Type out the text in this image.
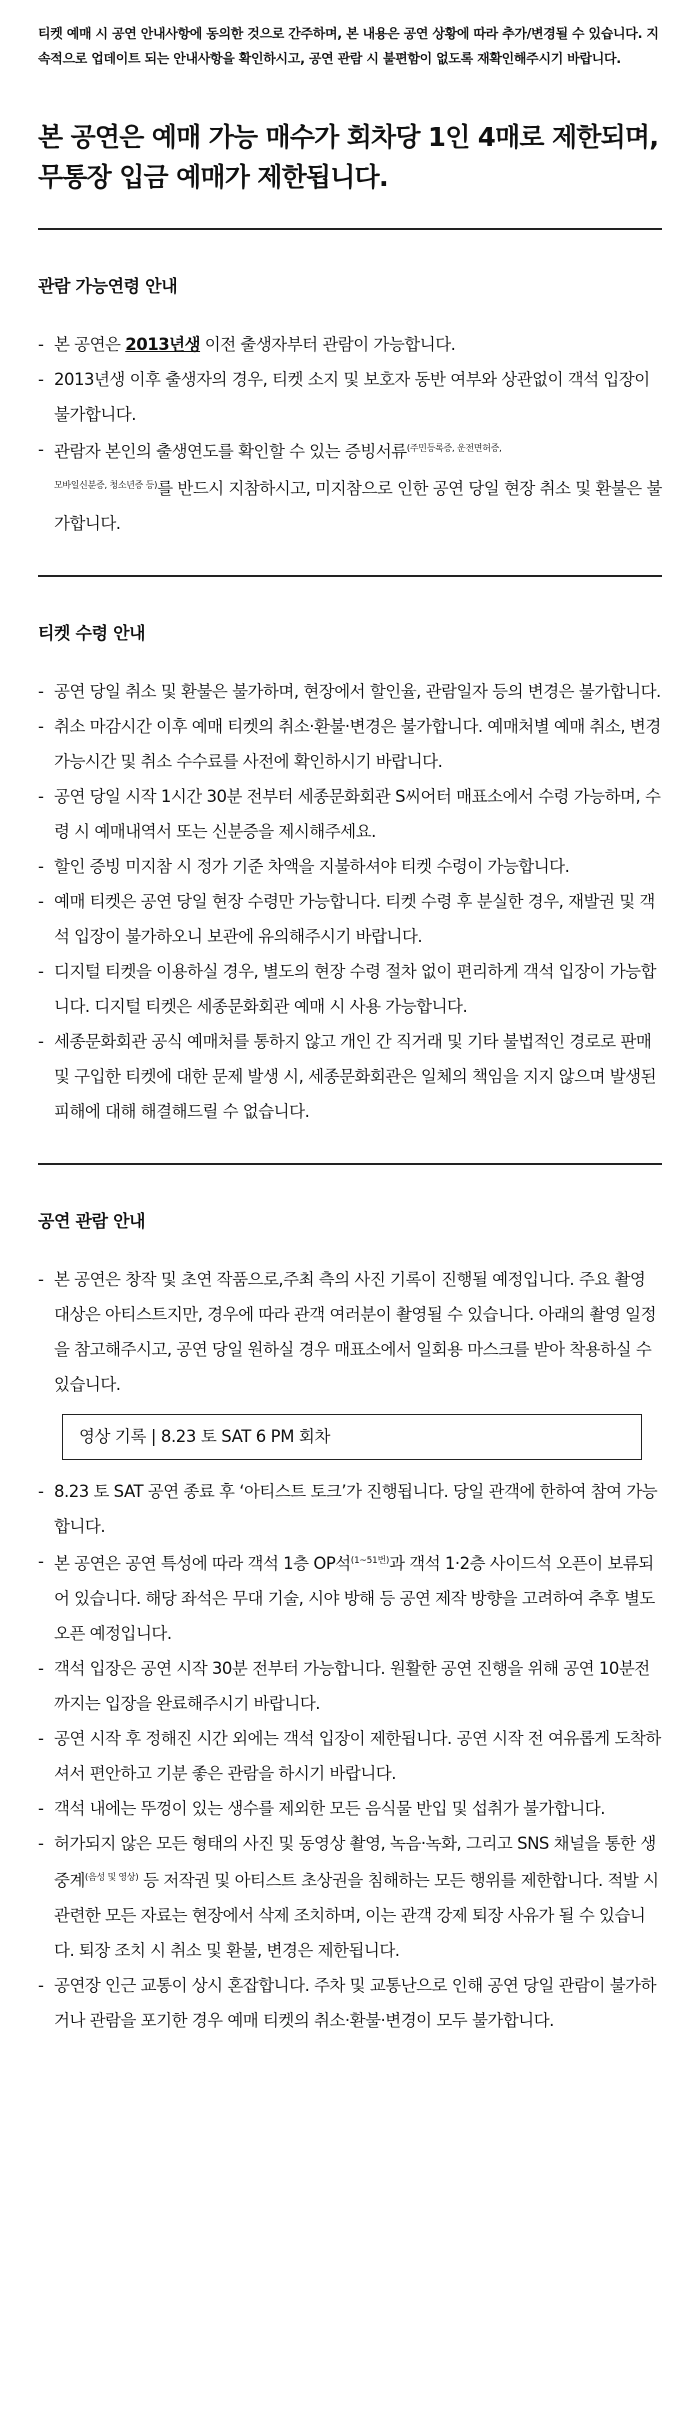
티켓 예매 시 공연 안내사항에 동의한 것으로 간주하며, 본 내용은 공연 상황에 따라 추가/변경될 수 있습니다. 지속적으로 업데이트 되는 안내사항을 확인하시고, 공연 관람 시 불편함이 없도록 재확인해주시기 바랍니다.

본 공연은 예매 가능 매수가 회차당 1인 4매로 제한되며, 무통장 입금 예매가 제한됩니다.
관람 가능연령 안내
- 본 공연은 2013년생 이전 출생자부터 관람이 가능합니다.
- 2013년생 이후 출생자의 경우, 티켓 소지 및 보호자 동반 여부와 상관없이 객석 입장이 불가합니다.
- 관람자 본인의 출생연도를 확인할 수 있는 증빙서류$^{(주민등록증, 운전면허증,}$
$^{모바일신분증, 청소년증 등)}$를 반드시 지참하시고, 미지참으로 인한 공연 당일 현장 취소 및 환불은 불가합니다.
티켓 수령 안내
- 공연 당일 취소 및 환불은 불가하며, 현장에서 할인율, 관람일자 등의 변경은 불가합니다.
- 취소 마감시간 이후 예매 티켓의 취소·환불·변경은 불가합니다. 예매처별 예매 취소, 변경 가능시간 및 취소 수수료를 사전에 확인하시기 바랍니다.
- 공연 당일 시작 1시간 30분 전부터 세종문화회관 S씨어터 매표소에서 수령 가능하며, 수령 시 예매내역서 또는 신분증을 제시해주세요.
- 할인 증빙 미지참 시 정가 기준 차액을 지불하셔야 티켓 수령이 가능합니다.
- 예매 티켓은 공연 당일 현장 수령만 가능합니다. 티켓 수령 후 분실한 경우, 재발권 및 객석 입장이 불가하오니 보관에 유의해주시기 바랍니다.
- 디지털 티켓을 이용하실 경우, 별도의 현장 수령 절차 없이 편리하게 객석 입장이 가능합니다. 디지털 티켓은 세종문화회관 예매 시 사용 가능합니다.
- 세종문화회관 공식 예매처를 통하지 않고 개인 간 직거래 및 기타 불법적인 경로로 판매 및 구입한 티켓에 대한 문제 발생 시, 세종문화회관은 일체의 책임을 지지 않으며 발생된 피해에 대해 해결해드릴 수 없습니다.
공연 관람 안내
- 본 공연은 창작 및 초연 작품으로,주최 측의 사진 기록이 진행될 예정입니다. 주요 촬영 대상은 아티스트지만, 경우에 따라 관객 여러분이 촬영될 수 있습니다. 아래의 촬영 일정을 참고해주시고, 공연 당일 원하실 경우 매표소에서 일회용 마스크를 받아 착용하실 수 있습니다.
영상 기록 | 8.23 토 SAT 6 PM 회차
- 8.23 토 SAT 공연 종료 후 ‘아티스트 토크’가 진행됩니다. 당일 관객에 한하여 참여 가능합니다.
- 본 공연은 공연 특성에 따라 객석 1층 OP석$^{(1\sim 51번)}$과 객석 1·2층 사이드석 오픈이 보류되어 있습니다. 해당 좌석은 무대 기술, 시야 방해 등 공연 제작 방향을 고려하여 추후 별도 오픈 예정입니다.
- 객석 입장은 공연 시작 30분 전부터 가능합니다. 원활한 공연 진행을 위해 공연 10분전까지는 입장을 완료해주시기 바랍니다.
- 공연 시작 후 정해진 시간 외에는 객석 입장이 제한됩니다. 공연 시작 전 여유롭게 도착하셔서 편안하고 기분 좋은 관람을 하시기 바랍니다.
- 객석 내에는 뚜껑이 있는 생수를 제외한 모든 음식물 반입 및 섭취가 불가합니다.
- 허가되지 않은 모든 형태의 사진 및 동영상 촬영, 녹음·녹화, 그리고 SNS 채널을 통한 생중계$^{(음성 및 영상)}$ 등 저작권 및 아티스트 초상권을 침해하는 모든 행위를 제한합니다. 적발 시 관련한 모든 자료는 현장에서 삭제 조치하며, 이는 관객 강제 퇴장 사유가 될 수 있습니다. 퇴장 조치 시 취소 및 환불, 변경은 제한됩니다.
- 공연장 인근 교통이 상시 혼잡합니다. 주차 및 교통난으로 인해 공연 당일 관람이 불가하거나 관람을 포기한 경우 예매 티켓의 취소·환불·변경이 모두 불가합니다.
